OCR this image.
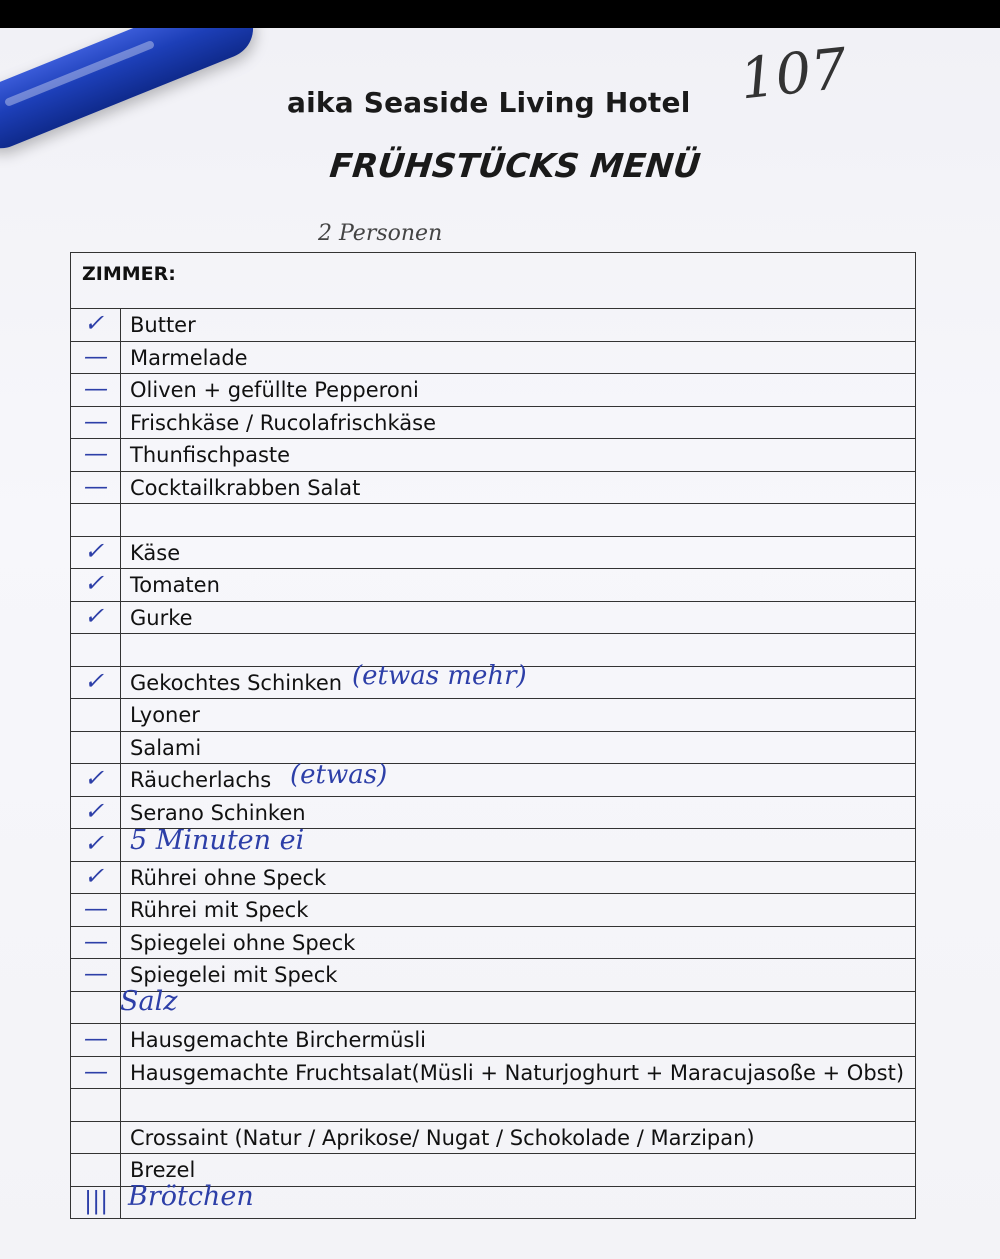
aika Seaside Living Hotel
FRÜHSTÜCKS MENÜ
107
2 Personen
ZIMMER:
✓ Butter
— Marmelade
— Oliven + gefüllte Pepperoni
— Frischkäse / Rucolafrischkäse
— Thunfischpaste
— Cocktailkrabben Salat
✓ Käse
✓ Tomaten
✓ Gurke
✓ Gekochtes Schinken (etwas mehr)
Lyoner
Salami
✓ Räucherlachs (etwas)
✓ Serano Schinken
✓ 5 Minuten ei
✓ Rührei ohne Speck
— Rührei mit Speck
— Spiegelei ohne Speck
— Spiegelei mit Speck
Salz
— Hausgemachte Birchermüsli
— Hausgemachte Fruchtsalat(Müsli + Naturjoghurt + Maracujasoße + Obst)
Crossaint (Natur / Aprikose/ Nugat / Schokolade / Marzipan)
Brezel
||| Brötchen
